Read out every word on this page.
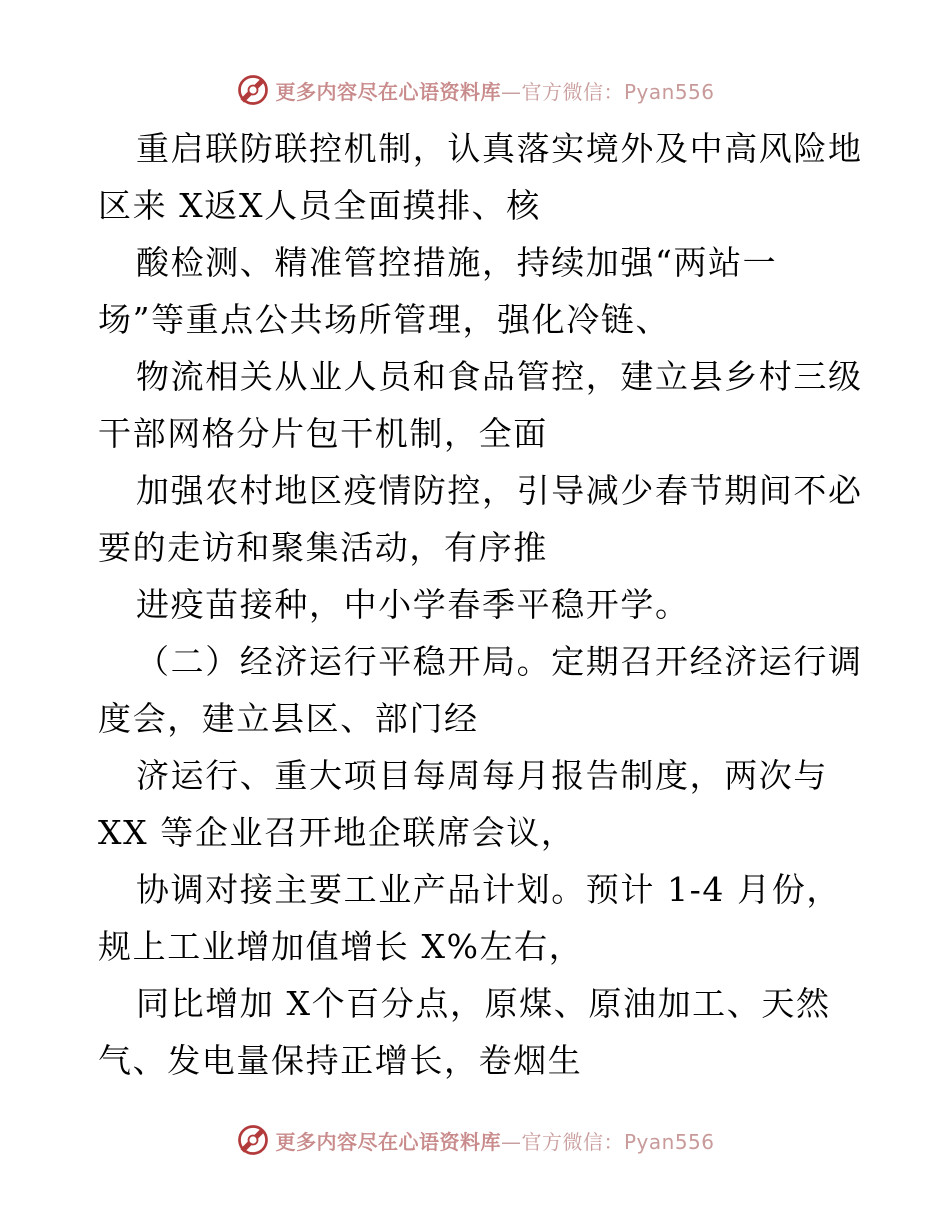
更多内容尽在心语资料库—官方微信：Pyan556
重启联防联控机制，认真落实境外及中高风险地
区来 X返X人员全面摸排、核
酸检测、精准管控措施，持续加强“两站一
场”等重点公共场所管理，强化冷链、
物流相关从业人员和食品管控，建立县乡村三级
干部网格分片包干机制，全面
加强农村地区疫情防控，引导减少春节期间不必
要的走访和聚集活动，有序推
进疫苗接种，中小学春季平稳开学。
（二）经济运行平稳开局。定期召开经济运行调
度会，建立县区、部门经
济运行、重大项目每周每月报告制度，两次与
XX 等企业召开地企联席会议，
协调对接主要工业产品计划。预计 1-4 月份，
规上工业增加值增长 X%左右，
同比增加 X个百分点，原煤、原油加工、天然
气、发电量保持正增长，卷烟生
更多内容尽在心语资料库—官方微信：Pyan556
